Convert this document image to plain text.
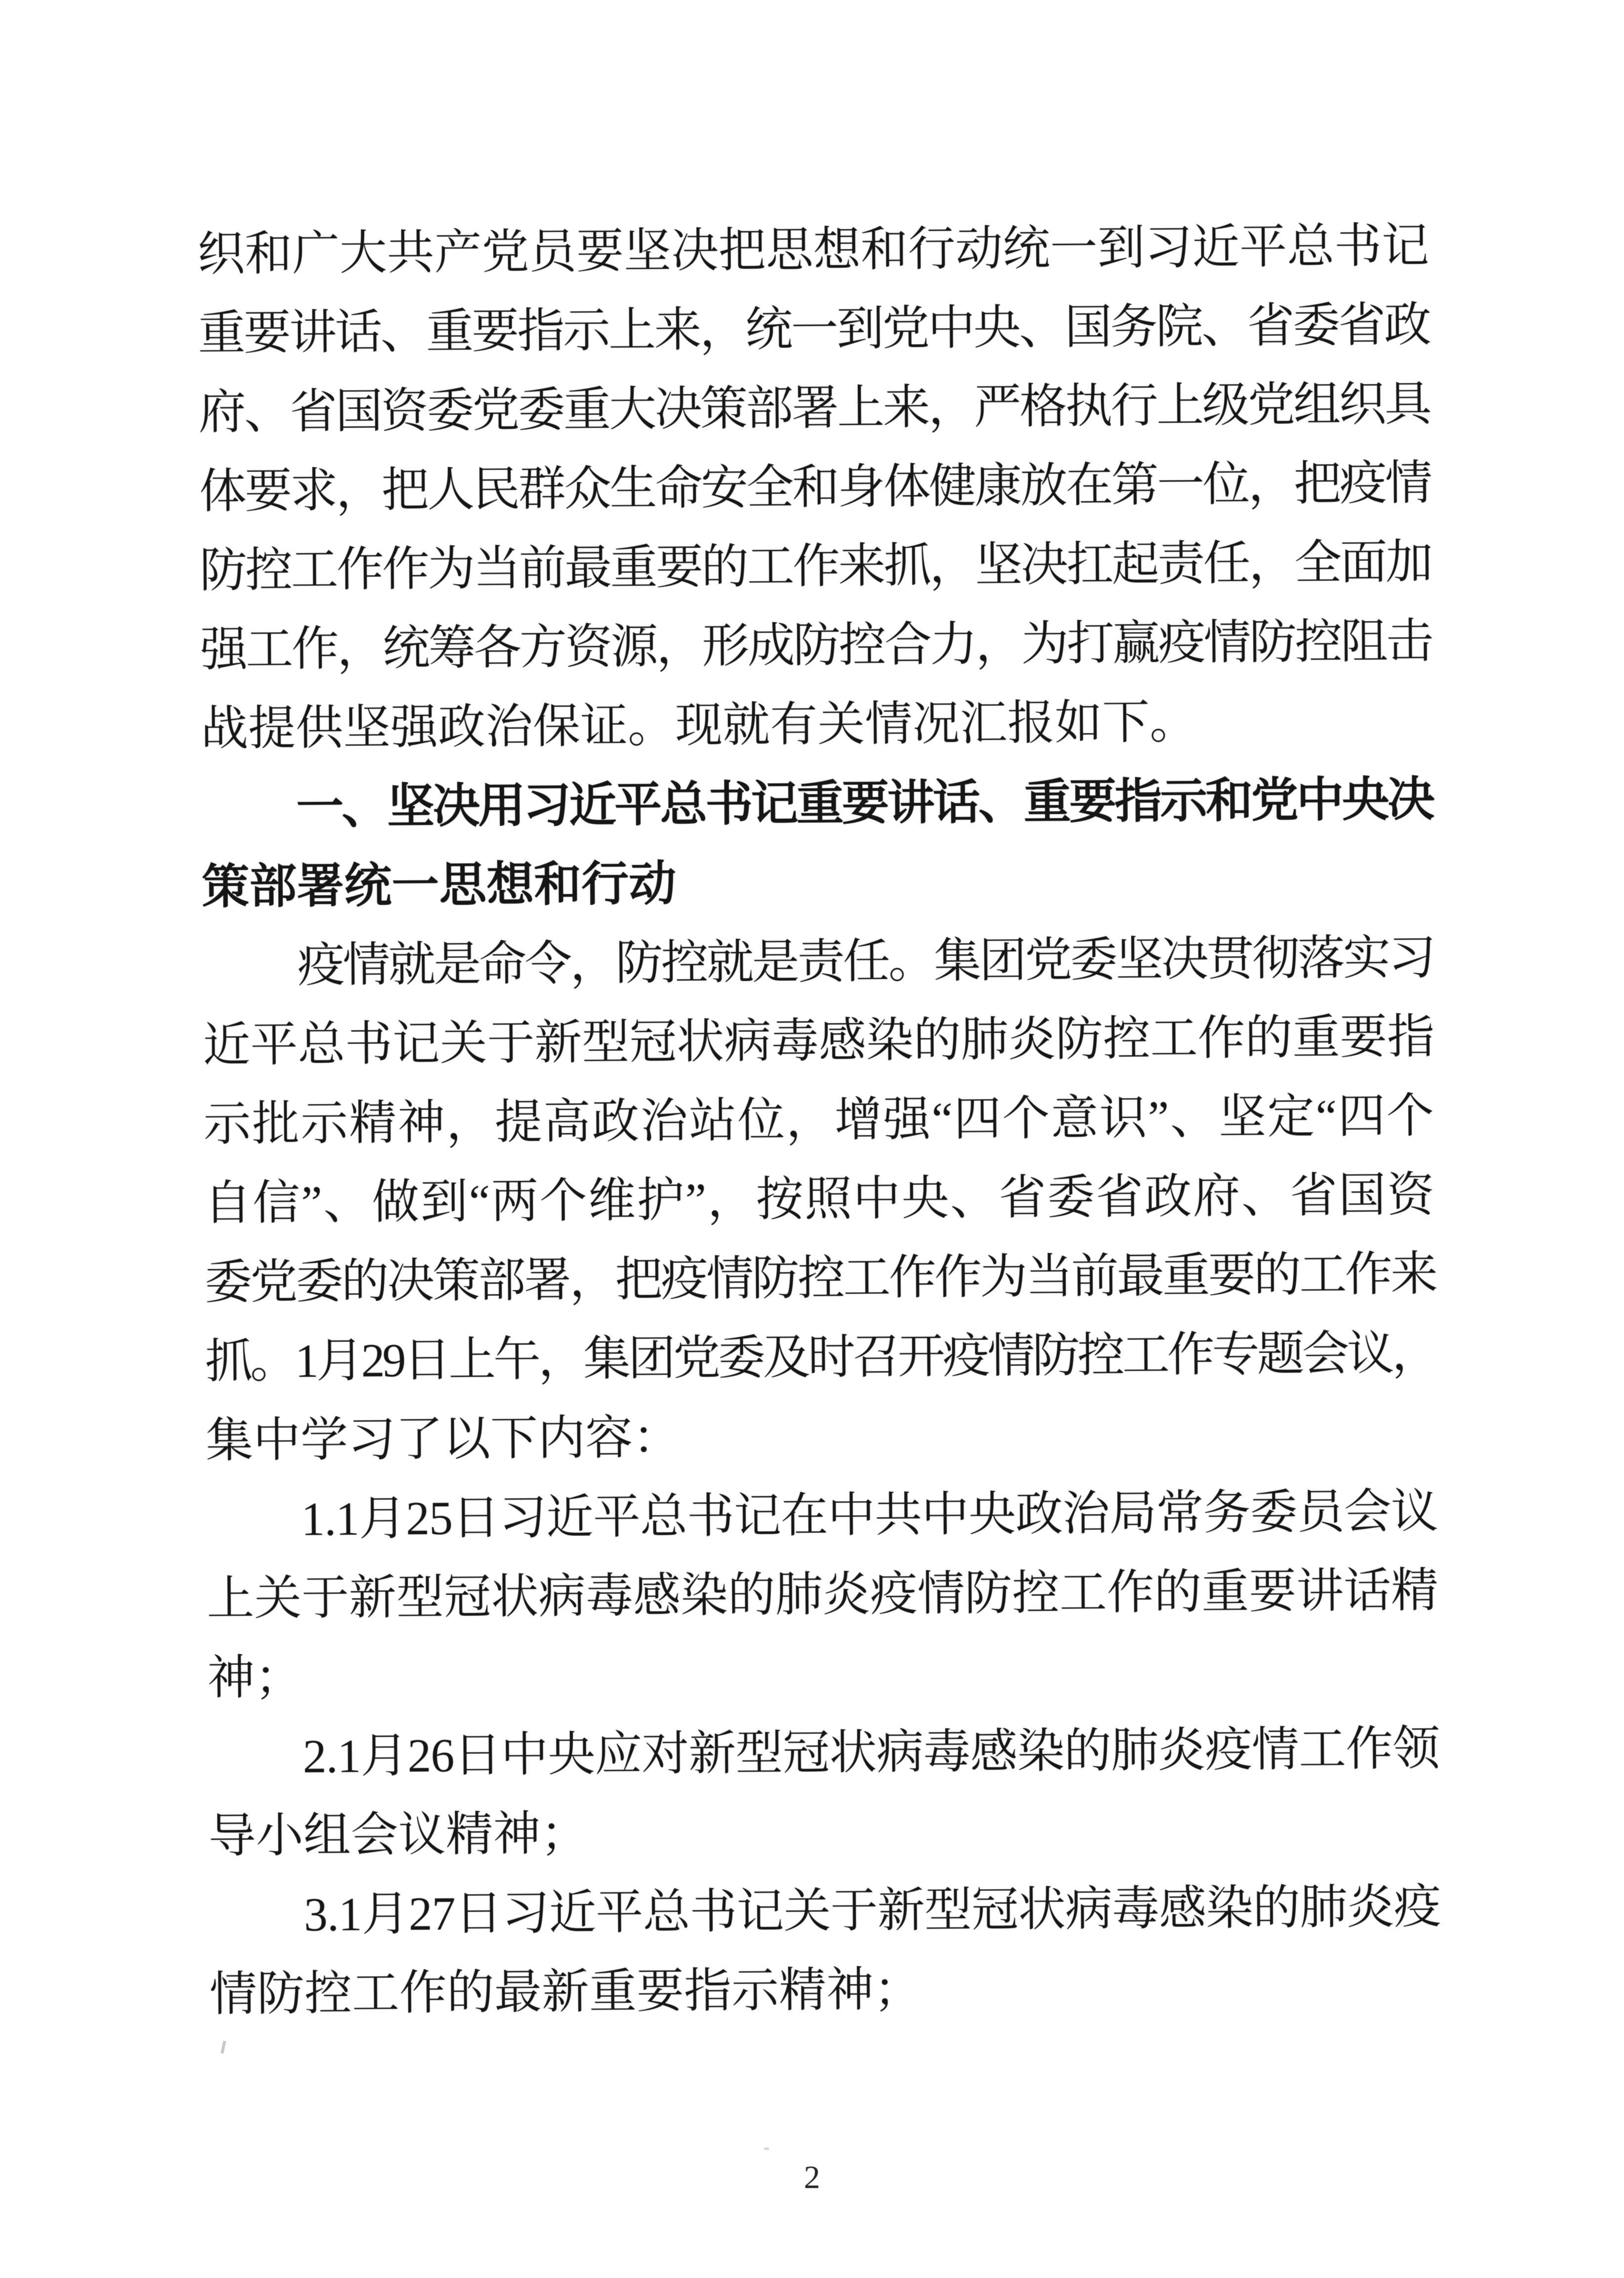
织和广大共产党员要坚决把思想和行动统一到习近平总书记
重要讲话、重要指示上来，统一到党中央、国务院、省委省政
府、省国资委党委重大决策部署上来，严格执行上级党组织具
体要求，把人民群众生命安全和身体健康放在第一位，把疫情
防控工作作为当前最重要的工作来抓，坚决扛起责任，全面加
强工作，统筹各方资源，形成防控合力，为打赢疫情防控阻击
战提供坚强政治保证。现就有关情况汇报如下。
一、坚决用习近平总书记重要讲话、重要指示和党中央决
策部署统一思想和行动
疫情就是命令，防控就是责任。集团党委坚决贯彻落实习
近平总书记关于新型冠状病毒感染的肺炎防控工作的重要指
示批示精神，提高政治站位，增强“四个意识”、坚定“四个
自信”、做到“两个维护”，按照中央、省委省政府、省国资
委党委的决策部署，把疫情防控工作作为当前最重要的工作来
抓。1月29日上午，集团党委及时召开疫情防控工作专题会议，
集中学习了以下内容：
1.1月25日习近平总书记在中共中央政治局常务委员会议
上关于新型冠状病毒感染的肺炎疫情防控工作的重要讲话精
神；
2.1月26日中央应对新型冠状病毒感染的肺炎疫情工作领
导小组会议精神；
3.1月27日习近平总书记关于新型冠状病毒感染的肺炎疫
情防控工作的最新重要指示精神；
2
